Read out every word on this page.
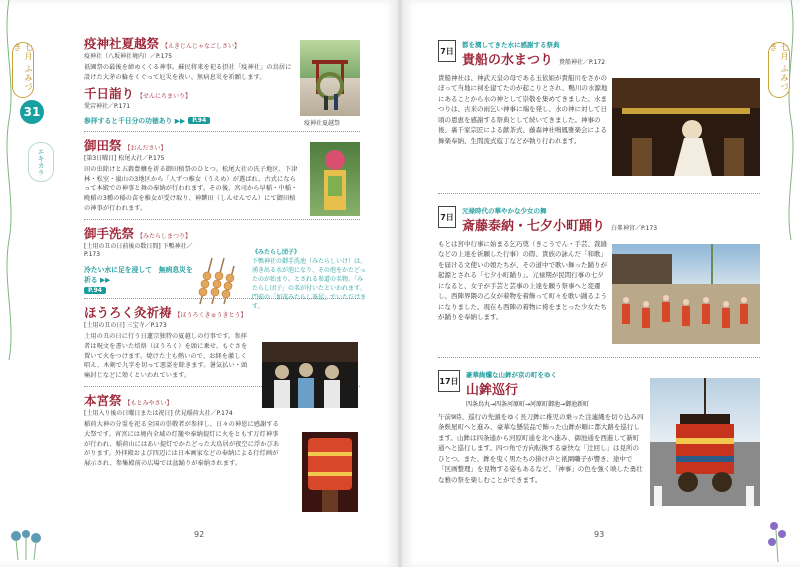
七月 ふみづき
31
エキカラ
疫神社夏越祭 【えきじんじゃなごしさい】
疫神社（八坂神社境内）／P.175
祇園祭の最後を締めくくる神事。蘇民将来を祀る摂社「疫神社」の鳥居に設けた大茅の輪をくぐって厄災を祓い、無病息災を祈願します。
千日詣り 【せんにちまいり】
愛宕神社／P.171
参拝すると千日分の功徳あり ▶▶	P.94
御田祭 【おんださい】
[第3日曜日] 松尾大社／P.175
田の虫除けと五穀豊穣を祈る御田植祭のひとつ。松尾大社の氏子地区、下津林・松室・嵐山の3地区から「人ずつ稚女（うえめ）が選ばれ、古式にならって本殿での神事と舞の奉納が行われます。その後、宮司から早稲・中稲・晩稲の3種の稲の苗を稚女が受け取り、神饌田（しんせんでん）にて御田植の神事が行われます。
御手洗祭 【みたらしまつり】
[土用の丑の日前後の数日間] 下鴨神社／P.173
冷たい水に足を浸して　無病息災を祈る ▶▶
P.94
ほうろく灸祈祷 【ほうろくきゅうきとう】
[土用の丑の日] 三宝寺／P.173
土用の丑の日に行う日蓮宗独特の夏越しの行事です。参拝者は呪文を書いた焙烙（ほうろく）を頭に乗せ、もぐさを置いて火をつけます。焼けた土も熱いので、お経を激しく唱え、木剣で九字を切って悪霊を除きます。暑気払い・頭痛封じなどに効くといわれています。
本宮祭 【もとみやさい】
[土用入り後の日曜日または祝日] 伏見稲荷大社／P.174
稲荷大神の分霊を祀る全国の崇敬者が参拝し、日々の神恩に感謝する大祭です。宵宮には境内全域の灯籠や奉納提灯に火をともす万灯神事が行われ、稲荷山にはあい提灯でかたどった大鳥居が夜空に浮かびあがります。外拝殿および四辺には日本画家などの奉納による行灯画が展示され、参集殿前の広場では盆踊りが奉納されます。
疫神社夏越祭
《みたらし団子》
下鴨神社の御手洗池（みたらしいけ）は、湧き出る水が泡になり、その泡をかたどったのが始まり。とされる参道の名物。「みたらし団子」の名が付いたといわれます。門前の「加茂みたらし茶屋」でいただけます。
92
七月 ふみづき
7日
都を潤してきた水に感謝する祭典
貴船の水まつり 貴船神社／P.172
貴船神社は、神武天皇の母である玉依姫が貴船川をさかのぼって当地に祠を建てたのが起こりとされ、鴨川の水源地にあることから水の神として崇敬を集めてきました。水まつりは、古来の雨乞い神事に端を発し、水の神に対して日頃の恩恵を感謝する祭典として続いてきました。神事の後、裏千家宗匠による献茶式、藤森神社鳴鳳雅楽会による舞楽奉納、生間流式庖丁などが執り行われます。
7日
元禄時代の華やかな少女の舞
斎藤泰納・七夕小町踊り 白峯神宮／P.173
もとは宮中行事に始まる乞巧奠（きこうでん・手芸、裁縫などの上達を祈願した行事）の際、貴族の詠んだ「和歌」を届ける文使いの娘たちが、その道中で歌い舞った踊りが起源とされる「七夕小町踊り」。元禄期が民間行事の七夕になると、女子が手芸と芸事の上達を願う祭事へと変遷し、西陣界隈の乙女が着物を着飾って町々を歌い踊るようになりました。現在も西陣の着物に袴をまとった少女たちが踊りを奉納します。
17日
豪華絢爛な山鉾が京の町をゆく
山鉾巡行
四条烏丸→四条河原町→河原町御池→御池新町
午前9時、巡行の先頭をゆく長刀鉾に稚児の乗った注連縄を切り込み四条麩屋町へと進み、豪華な懸装品で飾った山鉾が順に都大路を巡行します。山鉾は四条通から河原町通を北へ進み、御池通を西進して新町通へと巡行します。四つ角で方向転換する豪快な「辻回し」は見所のひとつ。また、鉾を曳く男たちの掛け声と祇園囃子が響き、途中で「区画整理」を見物する姿もあるなど、「神事」の色を強く映した勇壮な雅の祭を楽しむことができます。
93
